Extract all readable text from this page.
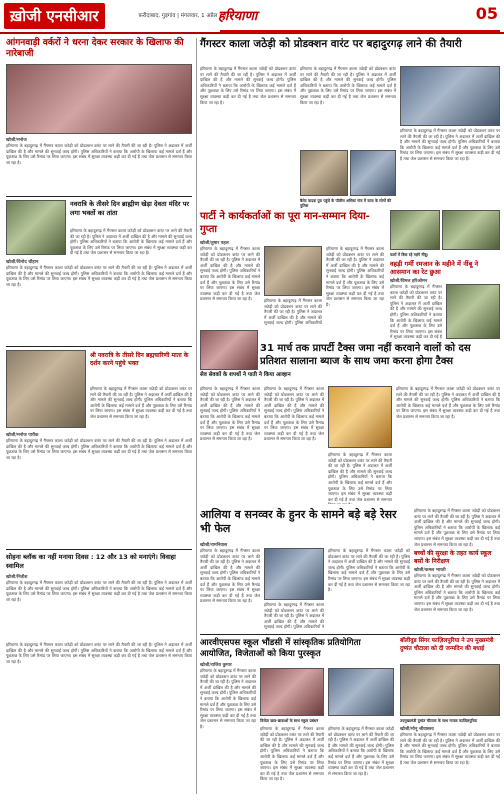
ख़ोजी एनसीआर	फ़रीदाबाद, गुड़गांव | मंगलवार, 1 अप्रैल 2025
हरियाणा	05
आंगनवाड़ी वर्करों ने धरना देकर सरकार के खिलाफ की नारेबाजी
खोजी/मनोज
हरियाणा के बहादुरगढ़ में गैंगस्टर काला जठेड़ी को प्रोडक्शन वारंट पर लाने की तैयारी की जा रही है। पुलिस ने अदालत में अर्जी दाखिल की है और मामले की सुनवाई जल्द होगी। पुलिस अधिकारियों ने बताया कि आरोपी के खिलाफ कई मामले दर्ज हैं और पूछताछ के लिए उसे रिमांड पर लिया जाएगा। इस संबंध में सुरक्षा व्यवस्था कड़ी कर दी गई है तथा जेल प्रशासन से समन्वय किया जा रहा है।
नवरात्रि के तीसरे दिन ब्राह्मीण खेड़ा देवता मंदिर पर लगा भक्तों का तांता
हरियाणा के बहादुरगढ़ में गैंगस्टर काला जठेड़ी को प्रोडक्शन वारंट पर लाने की तैयारी की जा रही है। पुलिस ने अदालत में अर्जी दाखिल की है और मामले की सुनवाई जल्द होगी। पुलिस अधिकारियों ने बताया कि आरोपी के खिलाफ कई मामले दर्ज हैं और पूछताछ के लिए उसे रिमांड पर लिया जाएगा। इस संबंध में सुरक्षा व्यवस्था कड़ी कर दी गई है तथा जेल प्रशासन से समन्वय किया जा रहा है।
खोजी/विनोद चौहान
हरियाणा के बहादुरगढ़ में गैंगस्टर काला जठेड़ी को प्रोडक्शन वारंट पर लाने की तैयारी की जा रही है। पुलिस ने अदालत में अर्जी दाखिल की है और मामले की सुनवाई जल्द होगी। पुलिस अधिकारियों ने बताया कि आरोपी के खिलाफ कई मामले दर्ज हैं और पूछताछ के लिए उसे रिमांड पर लिया जाएगा। इस संबंध में सुरक्षा व्यवस्था कड़ी कर दी गई है तथा जेल प्रशासन से समन्वय किया जा रहा है।
श्री नवरात्रि के तीसरे दिन ब्रह्मचारिणी माता के दर्शन करने पहुंचे भक्त
हरियाणा के बहादुरगढ़ में गैंगस्टर काला जठेड़ी को प्रोडक्शन वारंट पर लाने की तैयारी की जा रही है। पुलिस ने अदालत में अर्जी दाखिल की है और मामले की सुनवाई जल्द होगी। पुलिस अधिकारियों ने बताया कि आरोपी के खिलाफ कई मामले दर्ज हैं और पूछताछ के लिए उसे रिमांड पर लिया जाएगा। इस संबंध में सुरक्षा व्यवस्था कड़ी कर दी गई है तथा जेल प्रशासन से समन्वय किया जा रहा है।
खोजी/मनोज पारीक
हरियाणा के बहादुरगढ़ में गैंगस्टर काला जठेड़ी को प्रोडक्शन वारंट पर लाने की तैयारी की जा रही है। पुलिस ने अदालत में अर्जी दाखिल की है और मामले की सुनवाई जल्द होगी। पुलिस अधिकारियों ने बताया कि आरोपी के खिलाफ कई मामले दर्ज हैं और पूछताछ के लिए उसे रिमांड पर लिया जाएगा। इस संबंध में सुरक्षा व्यवस्था कड़ी कर दी गई है तथा जेल प्रशासन से समन्वय किया जा रहा है।
सोहना ब्लॉक का नहीं मनाया दिवस : 12 और 13 को मनाएंगे। विवाहा स्वामिल
खोजी/नितीश
हरियाणा के बहादुरगढ़ में गैंगस्टर काला जठेड़ी को प्रोडक्शन वारंट पर लाने की तैयारी की जा रही है। पुलिस ने अदालत में अर्जी दाखिल की है और मामले की सुनवाई जल्द होगी। पुलिस अधिकारियों ने बताया कि आरोपी के खिलाफ कई मामले दर्ज हैं और पूछताछ के लिए उसे रिमांड पर लिया जाएगा। इस संबंध में सुरक्षा व्यवस्था कड़ी कर दी गई है तथा जेल प्रशासन से समन्वय किया जा रहा है।
गैंगस्टर काला जठेड़ी को प्रोडक्शन वारंट पर बहादुरगढ़ लाने की तैयारी
हरियाणा के बहादुरगढ़ में गैंगस्टर काला जठेड़ी को प्रोडक्शन वारंट पर लाने की तैयारी की जा रही है। पुलिस ने अदालत में अर्जी दाखिल की है और मामले की सुनवाई जल्द होगी। पुलिस अधिकारियों ने बताया कि आरोपी के खिलाफ कई मामले दर्ज हैं और पूछताछ के लिए उसे रिमांड पर लिया जाएगा। इस संबंध में सुरक्षा व्यवस्था कड़ी कर दी गई है तथा जेल प्रशासन से समन्वय किया जा रहा है।
हरियाणा के बहादुरगढ़ में गैंगस्टर काला जठेड़ी को प्रोडक्शन वारंट पर लाने की तैयारी की जा रही है। पुलिस ने अदालत में अर्जी दाखिल की है और मामले की सुनवाई जल्द होगी। पुलिस अधिकारियों ने बताया कि आरोपी के खिलाफ कई मामले दर्ज हैं और पूछताछ के लिए उसे रिमांड पर लिया जाएगा। इस संबंध में सुरक्षा व्यवस्था कड़ी कर दी गई है तथा जेल प्रशासन से समन्वय किया जा रहा है।
हरियाणा के बहादुरगढ़ में गैंगस्टर काला जठेड़ी को प्रोडक्शन वारंट पर लाने की तैयारी की जा रही है। पुलिस ने अदालत में अर्जी दाखिल की है और मामले की सुनवाई जल्द होगी। पुलिस अधिकारियों ने बताया कि आरोपी के खिलाफ कई मामले दर्ज हैं और पूछताछ के लिए उसे रिमांड पर लिया जाएगा। इस संबंध में सुरक्षा व्यवस्था कड़ी कर दी गई है तथा जेल प्रशासन से समन्वय किया जा रहा है।
बैलेट वादक पुरा पहुंचे के पॉलीस असिस्ट गांव में वाता के लोगों की पुलिस
पार्टी ने कार्यकर्ताओं का पूरा मान-सम्मान दिया-गुप्ता
खोजी/तुषार पहल
हरियाणा के बहादुरगढ़ में गैंगस्टर काला जठेड़ी को प्रोडक्शन वारंट पर लाने की तैयारी की जा रही है। पुलिस ने अदालत में अर्जी दाखिल की है और मामले की सुनवाई जल्द होगी। पुलिस अधिकारियों ने बताया कि आरोपी के खिलाफ कई मामले दर्ज हैं और पूछताछ के लिए उसे रिमांड पर लिया जाएगा। इस संबंध में सुरक्षा व्यवस्था कड़ी कर दी गई है तथा जेल प्रशासन से समन्वय किया जा रहा है।	हरियाणा के बहादुरगढ़ में गैंगस्टर काला जठेड़ी को प्रोडक्शन वारंट पर लाने की तैयारी की जा रही है। पुलिस ने अदालत में अर्जी दाखिल की है और मामले की सुनवाई जल्द होगी। पुलिस अधिकारियों
हरियाणा के बहादुरगढ़ में गैंगस्टर काला जठेड़ी को प्रोडक्शन वारंट पर लाने की तैयारी की जा रही है। पुलिस ने अदालत में अर्जी दाखिल की है और मामले की सुनवाई जल्द होगी। पुलिस अधिकारियों ने बताया कि आरोपी के खिलाफ कई मामले दर्ज हैं और पूछताछ के लिए उसे रिमांड पर लिया जाएगा। इस संबंध में सुरक्षा व्यवस्था कड़ी कर दी गई है तथा जेल प्रशासन से समन्वय किया जा रहा है।
फलों में बिक रहे महंगे नींबू।
वहड़ी गर्मी रमजान के महीने में नींबू ने आसमान का रेट छुआ
खोजी/विमल हरिओमन
हरियाणा के बहादुरगढ़ में गैंगस्टर काला जठेड़ी को प्रोडक्शन वारंट पर लाने की तैयारी की जा रही है। पुलिस ने अदालत में अर्जी दाखिल की है और मामले की सुनवाई जल्द होगी। पुलिस अधिकारियों ने बताया कि आरोपी के खिलाफ कई मामले दर्ज हैं और पूछताछ के लिए उसे रिमांड पर लिया जाएगा। इस संबंध में सुरक्षा व्यवस्था कड़ी कर दी गई है
सेव सेवकों के शपथों ने पाती ने किया आव्हान
31 मार्च तक प्रापर्टी टैक्स जमा नहीं करवाने वालों को दस प्रतिशत सालाना ब्याज के साथ जमा करना होगा टैक्स
हरियाणा के बहादुरगढ़ में गैंगस्टर काला जठेड़ी को प्रोडक्शन वारंट पर लाने की तैयारी की जा रही है। पुलिस ने अदालत में अर्जी दाखिल की है और मामले की सुनवाई जल्द होगी। पुलिस अधिकारियों ने बताया कि आरोपी के खिलाफ कई मामले दर्ज हैं और पूछताछ के लिए उसे रिमांड पर लिया जाएगा। इस संबंध में सुरक्षा व्यवस्था कड़ी कर दी गई है तथा जेल प्रशासन से समन्वय किया जा रहा है।
हरियाणा के बहादुरगढ़ में गैंगस्टर काला जठेड़ी को प्रोडक्शन वारंट पर लाने की तैयारी की जा रही है। पुलिस ने अदालत में अर्जी दाखिल की है और मामले की सुनवाई जल्द होगी। पुलिस अधिकारियों ने बताया कि आरोपी के खिलाफ कई मामले दर्ज हैं और पूछताछ के लिए उसे रिमांड पर लिया जाएगा। इस संबंध में सुरक्षा व्यवस्था कड़ी कर दी गई है तथा जेल प्रशासन से समन्वय किया जा रहा है।
हरियाणा के बहादुरगढ़ में गैंगस्टर काला जठेड़ी को प्रोडक्शन वारंट पर लाने की तैयारी की जा रही है। पुलिस ने अदालत में अर्जी दाखिल की है और मामले की सुनवाई जल्द होगी। पुलिस अधिकारियों ने बताया कि आरोपी के खिलाफ कई मामले दर्ज हैं और पूछताछ के लिए उसे रिमांड पर लिया जाएगा। इस संबंध में सुरक्षा व्यवस्था कड़ी कर दी गई है तथा जेल प्रशासन से समन्वय
हरियाणा के बहादुरगढ़ में गैंगस्टर काला जठेड़ी को प्रोडक्शन वारंट पर लाने की तैयारी की जा रही है। पुलिस ने अदालत में अर्जी दाखिल की है और मामले की सुनवाई जल्द होगी। पुलिस अधिकारियों ने बताया कि आरोपी के खिलाफ कई मामले दर्ज हैं और पूछताछ के लिए उसे रिमांड पर लिया जाएगा। इस संबंध में सुरक्षा व्यवस्था कड़ी कर दी गई है तथा जेल प्रशासन से समन्वय किया जा रहा है।
आलिया व सनव्वर के हुनर के सामने बड़े बड़े रेसर भी फेल
खोजी/रामनिवास
हरियाणा के बहादुरगढ़ में गैंगस्टर काला जठेड़ी को प्रोडक्शन वारंट पर लाने की तैयारी की जा रही है। पुलिस ने अदालत में अर्जी दाखिल की है और मामले की सुनवाई जल्द होगी। पुलिस अधिकारियों ने बताया कि आरोपी के खिलाफ कई मामले दर्ज हैं और पूछताछ के लिए उसे रिमांड पर लिया जाएगा। इस संबंध में सुरक्षा व्यवस्था कड़ी कर दी गई है तथा जेल प्रशासन से समन्वय किया जा रहा है।
हरियाणा के बहादुरगढ़ में गैंगस्टर काला जठेड़ी को प्रोडक्शन वारंट पर लाने की तैयारी की जा रही है। पुलिस ने अदालत में अर्जी दाखिल की है और मामले की सुनवाई जल्द होगी। पुलिस अधिकारियों ने
हरियाणा के बहादुरगढ़ में गैंगस्टर काला जठेड़ी को प्रोडक्शन वारंट पर लाने की तैयारी की जा रही है। पुलिस ने अदालत में अर्जी दाखिल की है और मामले की सुनवाई जल्द होगी। पुलिस अधिकारियों ने बताया कि आरोपी के खिलाफ कई मामले दर्ज हैं और पूछताछ के लिए उसे रिमांड पर लिया जाएगा। इस संबंध में सुरक्षा व्यवस्था कड़ी कर दी गई है तथा जेल प्रशासन से समन्वय किया जा रहा है।
हरियाणा के बहादुरगढ़ में गैंगस्टर काला जठेड़ी को प्रोडक्शन वारंट पर लाने की तैयारी की जा रही है। पुलिस ने अदालत में अर्जी दाखिल की है और मामले की सुनवाई जल्द होगी। पुलिस अधिकारियों ने बताया कि आरोपी के खिलाफ कई मामले दर्ज हैं और पूछताछ के लिए उसे रिमांड पर लिया जाएगा। इस संबंध में सुरक्षा व्यवस्था कड़ी कर दी गई है तथा जेल प्रशासन से समन्वय किया जा रहा है।
बच्चों की सुरक्षा के तहत कार्य स्कूल बसों के निरीक्षण
खोजी/कमल भारती
हरियाणा के बहादुरगढ़ में गैंगस्टर काला जठेड़ी को प्रोडक्शन वारंट पर लाने की तैयारी की जा रही है। पुलिस ने अदालत में अर्जी दाखिल की है और मामले की सुनवाई जल्द होगी। पुलिस अधिकारियों ने बताया कि आरोपी के खिलाफ कई मामले दर्ज हैं और पूछताछ के लिए उसे रिमांड पर लिया जाएगा। इस संबंध में सुरक्षा व्यवस्था कड़ी कर दी गई है तथा जेल प्रशासन से समन्वय किया जा रहा है।
आरवीएसपस स्कूल भौंडसी में सांस्कृतिक प्रतियोगिता आयोजित, विजेताओं को किया पुरस्कृत
खोजी/राजिव कुमार
हरियाणा के बहादुरगढ़ में गैंगस्टर काला जठेड़ी को प्रोडक्शन वारंट पर लाने की तैयारी की जा रही है। पुलिस ने अदालत में अर्जी दाखिल की है और मामले की सुनवाई जल्द होगी। पुलिस अधिकारियों ने बताया कि आरोपी के खिलाफ कई मामले दर्ज हैं और पूछताछ के लिए उसे रिमांड पर लिया जाएगा। इस संबंध में सुरक्षा व्यवस्था कड़ी कर दी गई है तथा जेल प्रशासन से समन्वय किया जा रहा है।
विजेता छात्र-छात्राओं के साथ स्कूल प्रबंधन
हरियाणा के बहादुरगढ़ में गैंगस्टर काला जठेड़ी को प्रोडक्शन वारंट पर लाने की तैयारी की जा रही है। पुलिस ने अदालत में अर्जी दाखिल की है और मामले की सुनवाई जल्द होगी। पुलिस अधिकारियों ने बताया कि आरोपी के खिलाफ कई मामले दर्ज हैं और पूछताछ के लिए उसे रिमांड पर लिया जाएगा। इस संबंध में सुरक्षा व्यवस्था कड़ी कर दी गई है तथा जेल प्रशासन से समन्वय किया जा रहा है।
हरियाणा के बहादुरगढ़ में गैंगस्टर काला जठेड़ी को प्रोडक्शन वारंट पर लाने की तैयारी की जा रही है। पुलिस ने अदालत में अर्जी दाखिल की है और मामले की सुनवाई जल्द होगी। पुलिस अधिकारियों ने बताया कि आरोपी के खिलाफ कई मामले दर्ज हैं और पूछताछ के लिए उसे रिमांड पर लिया जाएगा। इस संबंध में सुरक्षा व्यवस्था कड़ी कर दी गई है तथा जेल प्रशासन से समन्वय किया जा रहा है।
बॉलीवुड सिंगर फाज़िलपुरिया ने उप मुख्यमंत्री दुष्यंत चौटाला को दी जन्मदिन की बधाई
उपमुख्यमंत्री दुष्यंत चौटाला के साथ गायक फाज़िलपुरिया
खोजी/मोनू श्रीवास्तव
हरियाणा के बहादुरगढ़ में गैंगस्टर काला जठेड़ी को प्रोडक्शन वारंट पर लाने की तैयारी की जा रही है। पुलिस ने अदालत में अर्जी दाखिल की है और मामले की सुनवाई जल्द होगी। पुलिस अधिकारियों ने बताया कि आरोपी के खिलाफ कई मामले दर्ज हैं और पूछताछ के लिए उसे रिमांड पर लिया जाएगा। इस संबंध में सुरक्षा व्यवस्था कड़ी कर दी गई है तथा जेल प्रशासन से समन्वय किया जा रहा है।
हरियाणा के बहादुरगढ़ में गैंगस्टर काला जठेड़ी को प्रोडक्शन वारंट पर लाने की तैयारी की जा रही है। पुलिस ने अदालत में अर्जी दाखिल की है और मामले की सुनवाई जल्द होगी। पुलिस अधिकारियों ने बताया कि आरोपी के खिलाफ कई मामले दर्ज हैं और पूछताछ के लिए उसे रिमांड पर लिया जाएगा। इस संबंध में सुरक्षा व्यवस्था कड़ी कर दी गई है तथा जेल प्रशासन से समन्वय किया जा रहा है।
